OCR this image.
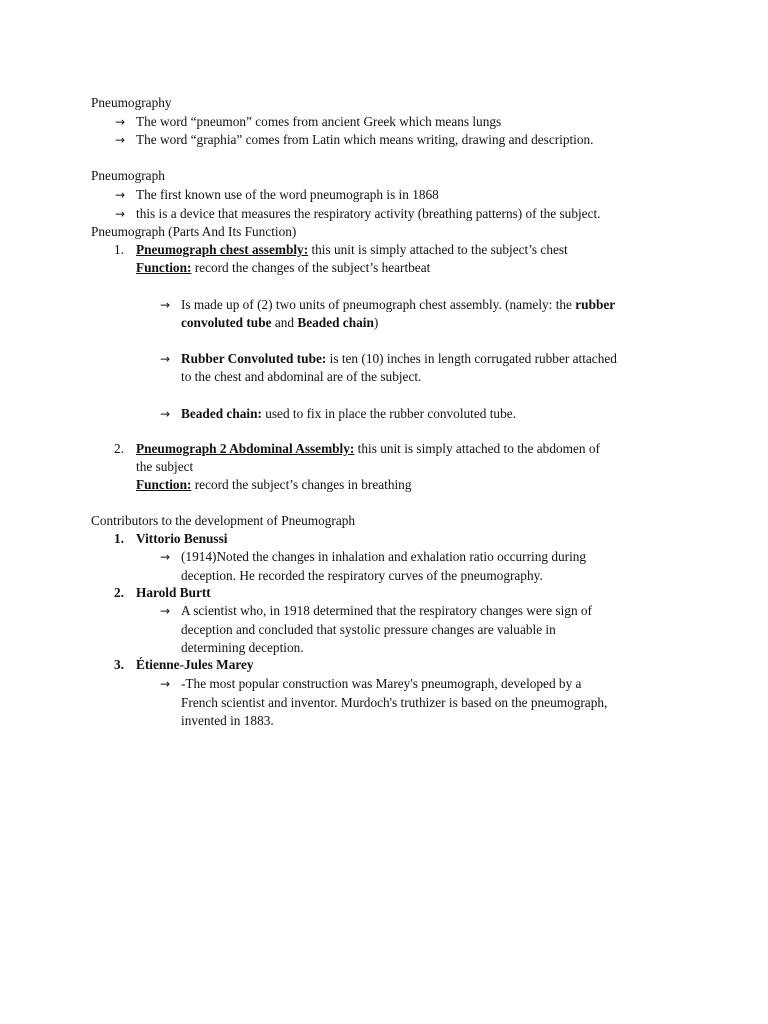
Pneumography
→ The word “pneumon” comes from ancient Greek which means lungs
→ The word “graphia” comes from Latin which means writing, drawing and description.
Pneumograph
→ The first known use of the word pneumograph is in 1868
→ this is a device that measures the respiratory activity (breathing patterns) of the subject.
Pneumograph (Parts And Its Function)
1. Pneumograph chest assembly: this unit is simply attached to the subject’s chest
Function: record the changes of the subject’s heartbeat
→ Is made up of (2) two units of pneumograph chest assembly. (namely: the rubber
convoluted tube and Beaded chain)
→ Rubber Convoluted tube: is ten (10) inches in length corrugated rubber attached
to the chest and abdominal are of the subject.
→ Beaded chain: used to fix in place the rubber convoluted tube.
2. Pneumograph 2 Abdominal Assembly: this unit is simply attached to the abdomen of
the subject
Function: record the subject’s changes in breathing
Contributors to the development of Pneumograph
1. Vittorio Benussi
→ (1914)Noted the changes in inhalation and exhalation ratio occurring during
deception. He recorded the respiratory curves of the pneumography.
2. Harold Burtt
→ A scientist who, in 1918 determined that the respiratory changes were sign of
deception and concluded that systolic pressure changes are valuable in
determining deception.
3. Étienne-Jules Marey
→ -The most popular construction was Marey's pneumograph, developed by a
French scientist and inventor. Murdoch's truthizer is based on the pneumograph,
invented in 1883.
